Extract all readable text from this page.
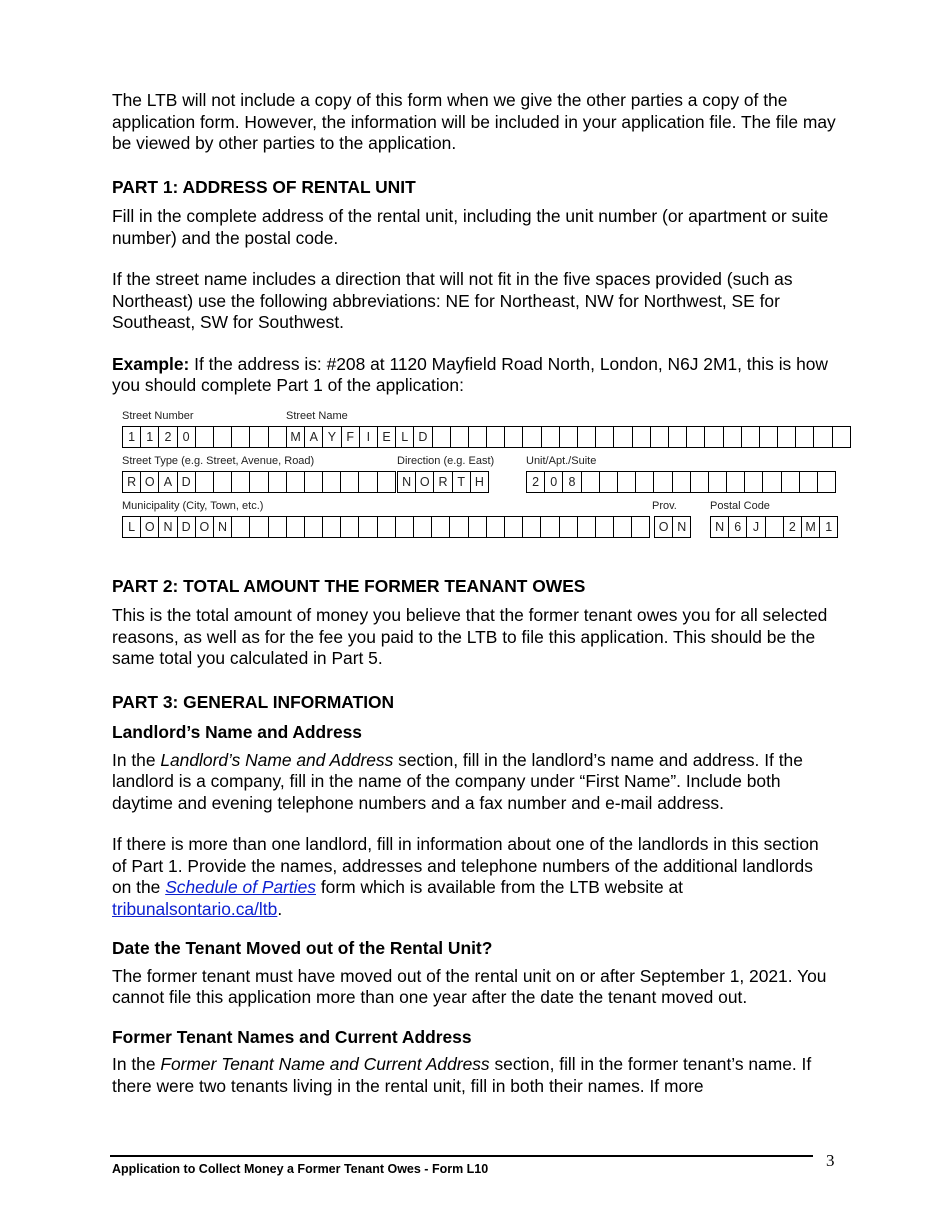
The LTB will not include a copy of this form when we give the other parties a copy of the application form. However, the information will be included in your application file. The file may be viewed by other parties to the application.

PART 1: ADDRESS OF RENTAL UNIT

Fill in the complete address of the rental unit, including the unit number (or apartment or suite number) and the postal code.

If the street name includes a direction that will not fit in the five spaces provided (such as Northeast) use the following abbreviations: NE for Northeast, NW for Northwest, SE for Southeast, SW for Southwest.

Example: If the address is: #208 at 1120 Mayfield Road North, London, N6J 2M1, this is how you should complete Part 1 of the application:

Street Number
1 1 2 0
Street Name
M A Y F	I E L D
Street Type (e.g. Street, Avenue, Road)
R O A D
Direction (e.g. East)
N O R T H
Unit/Apt./Suite
2 0 8
Municipality (City, Town, etc.)
L O N D O N
Prov.
O N
Postal Code
N 6 J	2 M 1
PART 2: TOTAL AMOUNT THE FORMER TEANANT OWES

This is the total amount of money you believe that the former tenant owes you for all selected reasons, as well as for the fee you paid to the LTB to file this application. This should be the same total you calculated in Part 5.

PART 3: GENERAL INFORMATION
Landlord’s Name and Address

In the Landlord’s Name and Address section, fill in the landlord’s name and address. If the landlord is a company, fill in the name of the company under “First Name”. Include both daytime and evening telephone numbers and a fax number and e-mail address.

If there is more than one landlord, fill in information about one of the landlords in this section of Part 1. Provide the names, addresses and telephone numbers of the additional landlords on the Schedule of Parties form which is available from the LTB website at tribunalsontario.ca/ltb.

Date the Tenant Moved out of the Rental Unit?

The former tenant must have moved out of the rental unit on or after September 1, 2021. You cannot file this application more than one year after the date the tenant moved out.

Former Tenant Names and Current Address

In the Former Tenant Name and Current Address section, fill in the former tenant’s name. If there were two tenants living in the rental unit, fill in both their names. If more

Application to Collect Money a Former Tenant Owes - Form L10	3
